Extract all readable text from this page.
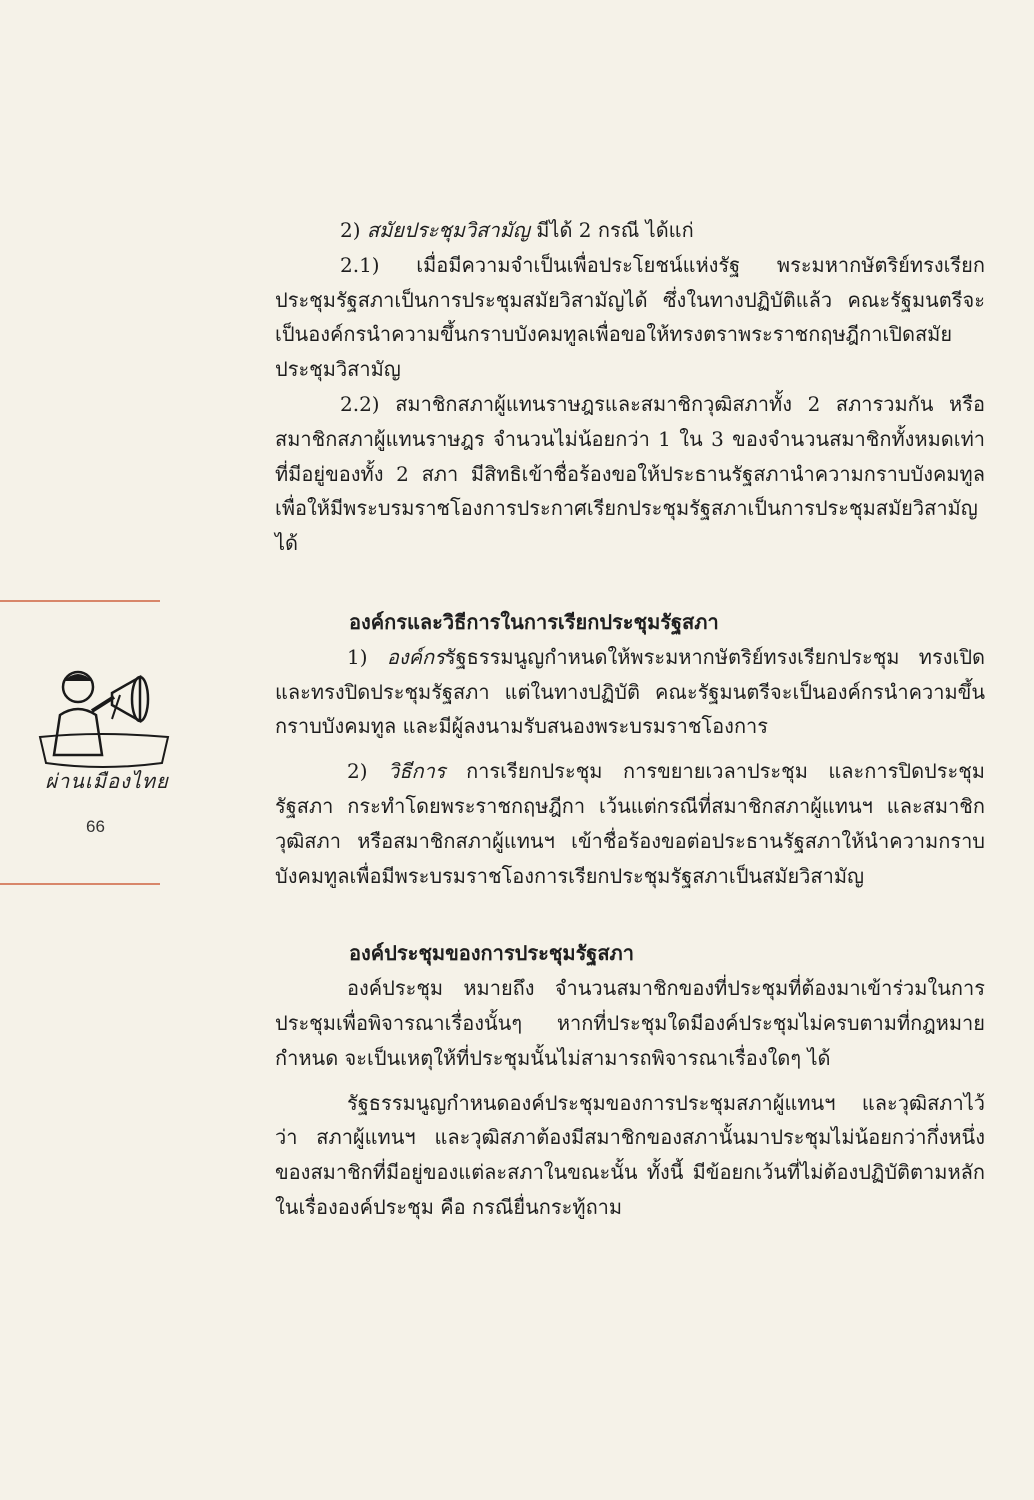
ผ่านเมืองไทย
66

2) สมัยประชุมวิสามัญ มีได้ 2 กรณี ได้แก่

2.1) เมื่อมีความจำเป็นเพื่อประโยชน์แห่งรัฐ พระมหากษัตริย์ทรงเรียกประชุมรัฐสภาเป็นการประชุมสมัยวิสามัญได้ ซึ่งในทางปฏิบัติแล้ว คณะรัฐมนตรีจะเป็นองค์กรนำความขึ้นกราบบังคมทูลเพื่อขอให้ทรงตราพระราชกฤษฎีกาเปิดสมัยประชุมวิสามัญ

2.2) สมาชิกสภาผู้แทนราษฎรและสมาชิกวุฒิสภาทั้ง 2 สภารวมกัน หรือสมาชิกสภาผู้แทนราษฎร จำนวนไม่น้อยกว่า 1 ใน 3 ของจำนวนสมาชิกทั้งหมดเท่าที่มีอยู่ของทั้ง 2 สภา มีสิทธิเข้าชื่อร้องขอให้ประธานรัฐสภานำความกราบบังคมทูล เพื่อให้มีพระบรมราชโองการประกาศเรียกประชุมรัฐสภาเป็นการประชุมสมัยวิสามัญได้

องค์กรและวิธีการในการเรียกประชุมรัฐสภา

1) องค์กรรัฐธรรมนูญกำหนดให้พระมหากษัตริย์ทรงเรียกประชุม ทรงเปิด และทรงปิดประชุมรัฐสภา แต่ในทางปฏิบัติ คณะรัฐมนตรีจะเป็นองค์กรนำความขึ้นกราบบังคมทูล และมีผู้ลงนามรับสนองพระบรมราชโองการ

2) วิธีการ การเรียกประชุม การขยายเวลาประชุม และการปิดประชุมรัฐสภา กระทำโดยพระราชกฤษฎีกา เว้นแต่กรณีที่สมาชิกสภาผู้แทนฯ และสมาชิกวุฒิสภา หรือสมาชิกสภาผู้แทนฯ เข้าชื่อร้องขอต่อประธานรัฐสภาให้นำความกราบบังคมทูลเพื่อมีพระบรมราชโองการเรียกประชุมรัฐสภาเป็นสมัยวิสามัญ

องค์ประชุมของการประชุมรัฐสภา

องค์ประชุม หมายถึง จำนวนสมาชิกของที่ประชุมที่ต้องมาเข้าร่วมในการประชุมเพื่อพิจารณาเรื่องนั้นๆ หากที่ประชุมใดมีองค์ประชุมไม่ครบตามที่กฎหมายกำหนด จะเป็นเหตุให้ที่ประชุมนั้นไม่สามารถพิจารณาเรื่องใดๆ ได้

รัฐธรรมนูญกำหนดองค์ประชุมของการประชุมสภาผู้แทนฯ และวุฒิสภาไว้ว่า สภาผู้แทนฯ และวุฒิสภาต้องมีสมาชิกของสภานั้นมาประชุมไม่น้อยกว่ากึ่งหนึ่งของสมาชิกที่มีอยู่ของแต่ละสภาในขณะนั้น ทั้งนี้ มีข้อยกเว้นที่ไม่ต้องปฏิบัติตามหลักในเรื่ององค์ประชุม คือ กรณียื่นกระทู้ถาม
